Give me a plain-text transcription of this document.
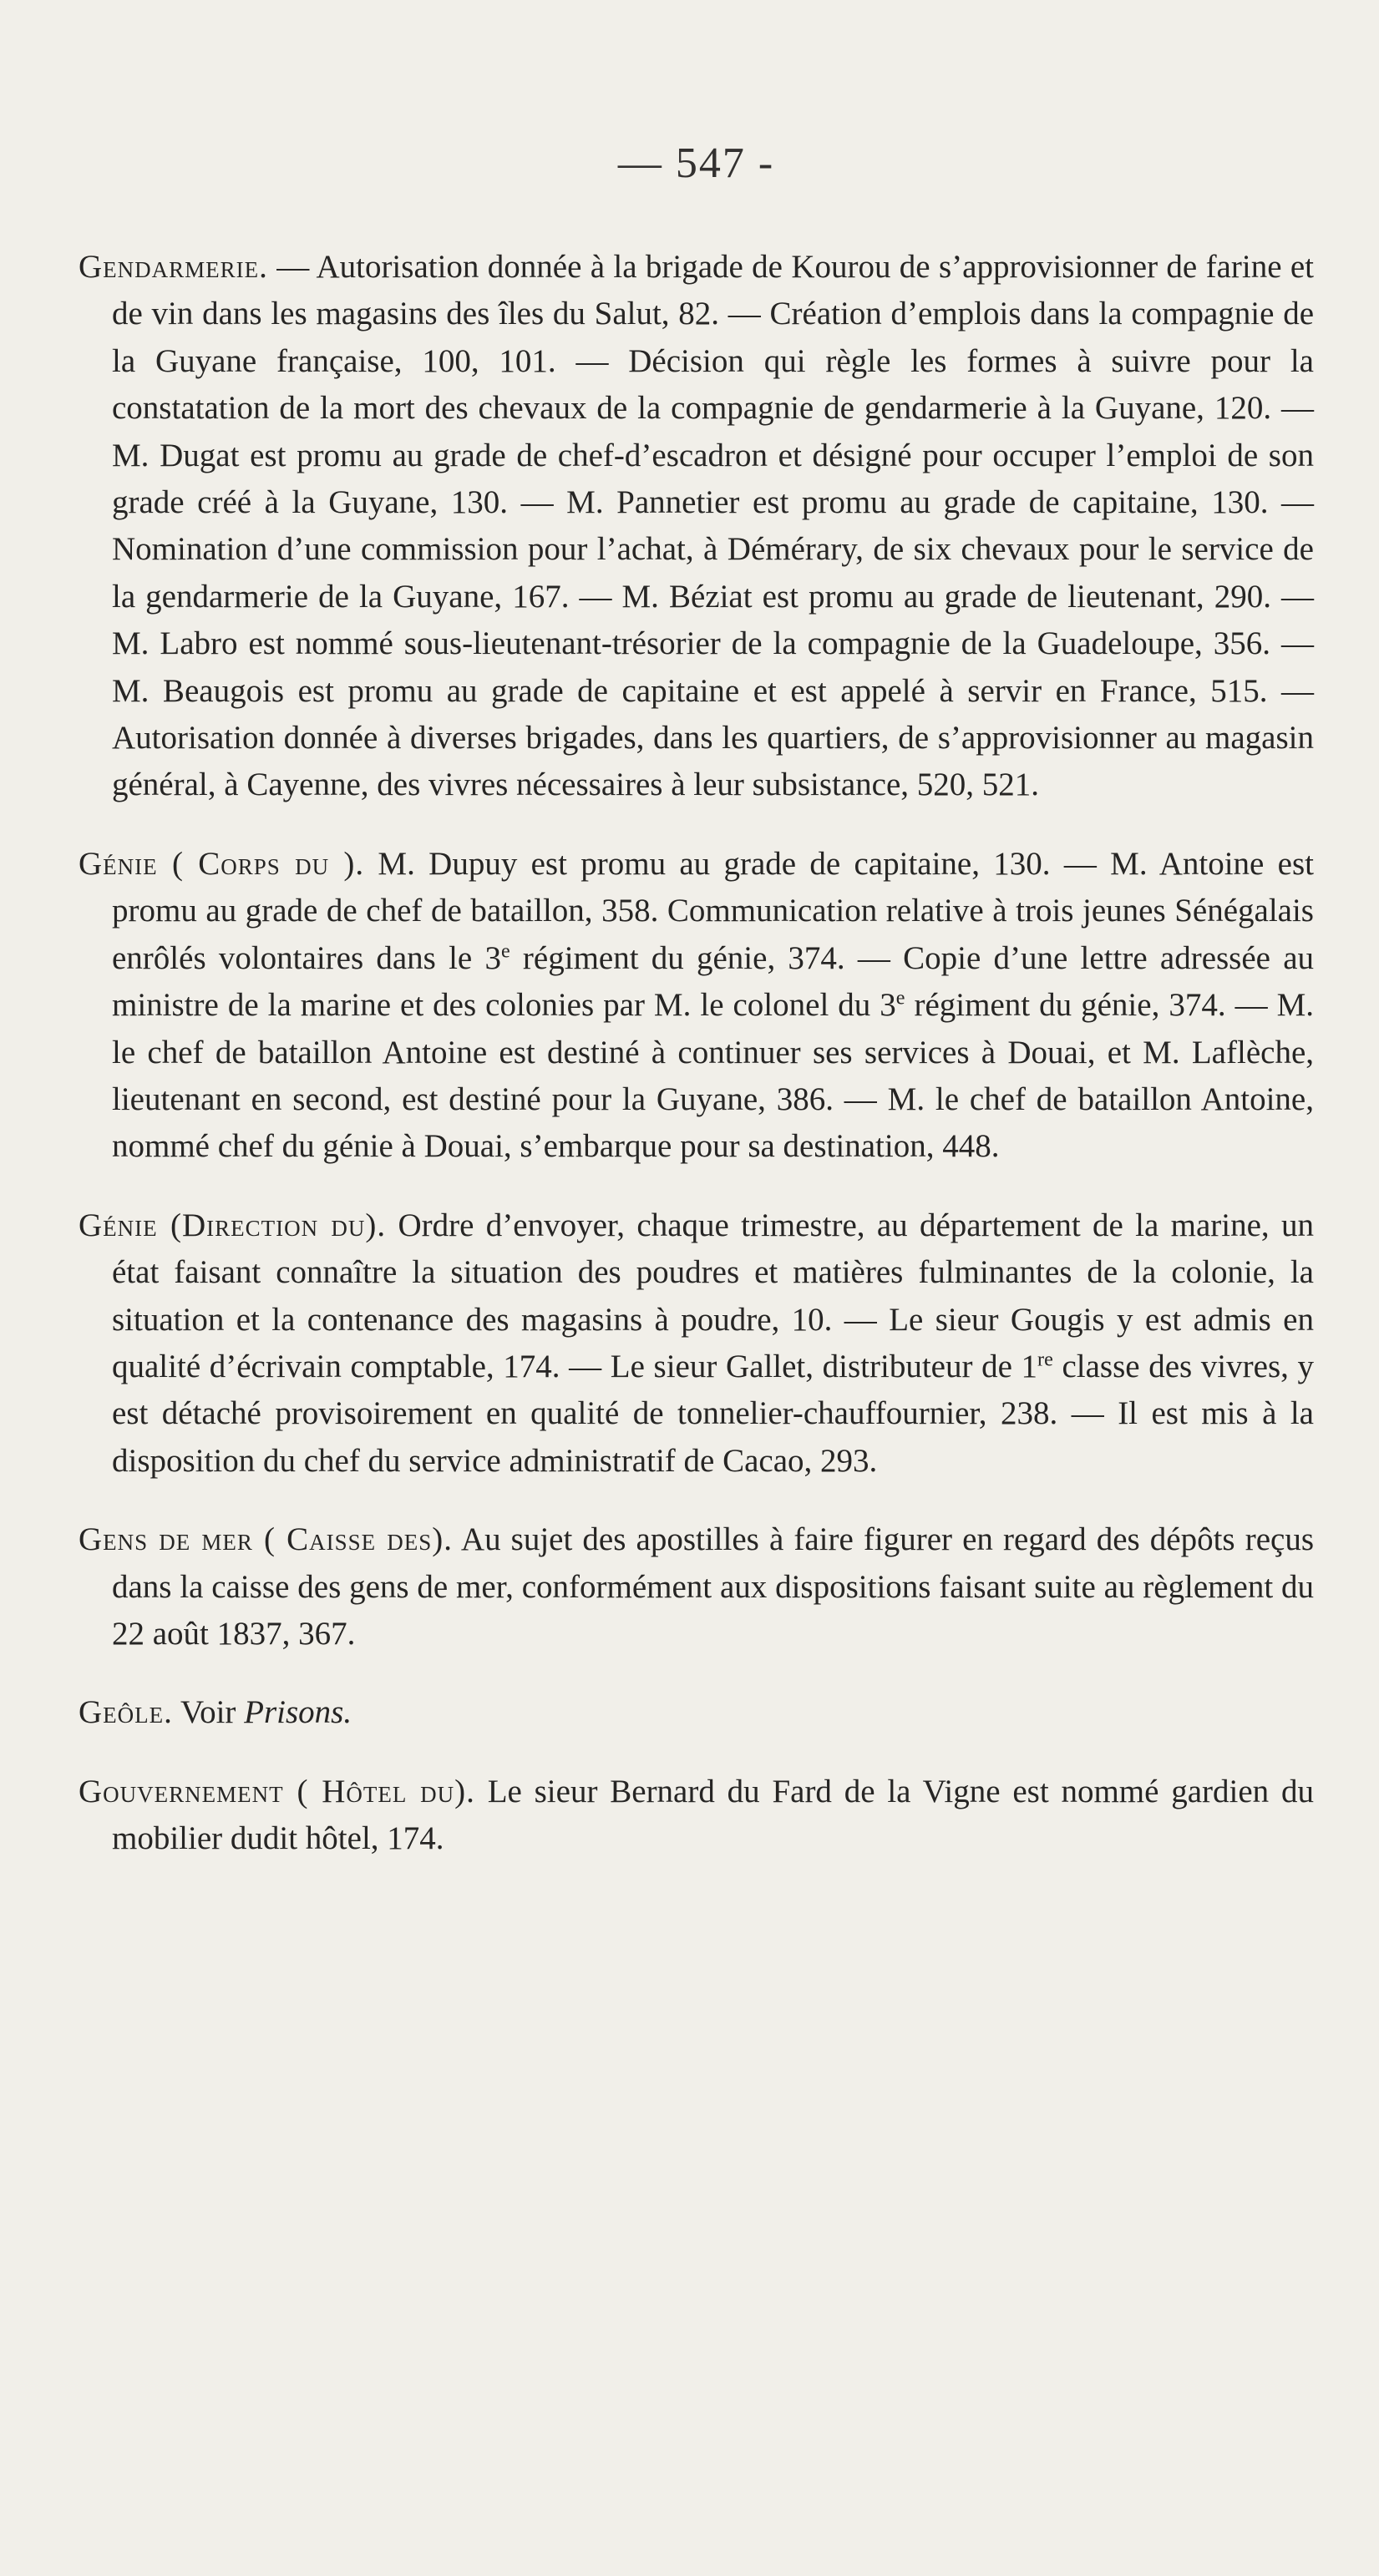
— 547 -

Gendarmerie. — Autorisation donnée à la brigade de Kourou de s’approvisionner de farine et de vin dans les magasins des îles du Salut, 82. — Création d’emplois dans la compagnie de la Guyane française, 100, 101. — Décision qui règle les formes à suivre pour la constatation de la mort des chevaux de la compagnie de gendarmerie à la Guyane, 120. — M. Dugat est promu au grade de chef-d’escadron et désigné pour occuper l’emploi de son grade créé à la Guyane, 130. — M. Pannetier est promu au grade de capitaine, 130. — Nomination d’une commission pour l’achat, à Démérary, de six chevaux pour le service de la gendarmerie de la Guyane, 167. — M. Béziat est promu au grade de lieutenant, 290. — M. Labro est nommé sous-lieutenant-trésorier de la compagnie de la Guadeloupe, 356. — M. Beaugois est promu au grade de capitaine et est appelé à servir en France, 515. — Autorisation donnée à diverses brigades, dans les quartiers, de s’approvisionner au magasin général, à Cayenne, des vivres nécessaires à leur subsistance, 520, 521.

Génie ( Corps du ). M. Dupuy est promu au grade de capitaine, 130. — M. Antoine est promu au grade de chef de bataillon, 358. Communication relative à trois jeunes Sénégalais enrôlés volontaires dans le 3e régiment du génie, 374. — Copie d’une lettre adressée au ministre de la marine et des colonies par M. le colonel du 3e régiment du génie, 374. — M. le chef de bataillon Antoine est destiné à continuer ses services à Douai, et M. Laflèche, lieutenant en second, est destiné pour la Guyane, 386. — M. le chef de bataillon Antoine, nommé chef du génie à Douai, s’embarque pour sa destination, 448.

Génie (Direction du). Ordre d’envoyer, chaque trimestre, au département de la marine, un état faisant connaître la situation des poudres et matières fulminantes de la colonie, la situation et la contenance des magasins à poudre, 10. — Le sieur Gougis y est admis en qualité d’écrivain comptable, 174. — Le sieur Gallet, distributeur de 1re classe des vivres, y est détaché provisoirement en qualité de tonnelier-chauffournier, 238. — Il est mis à la disposition du chef du service administratif de Cacao, 293.

Gens de mer ( Caisse des). Au sujet des apostilles à faire figurer en regard des dépôts reçus dans la caisse des gens de mer, conformément aux dispositions faisant suite au règlement du 22 août 1837, 367.

Geôle. Voir Prisons.

Gouvernement ( Hôtel du). Le sieur Bernard du Fard de la Vigne est nommé gardien du mobilier dudit hôtel, 174.
